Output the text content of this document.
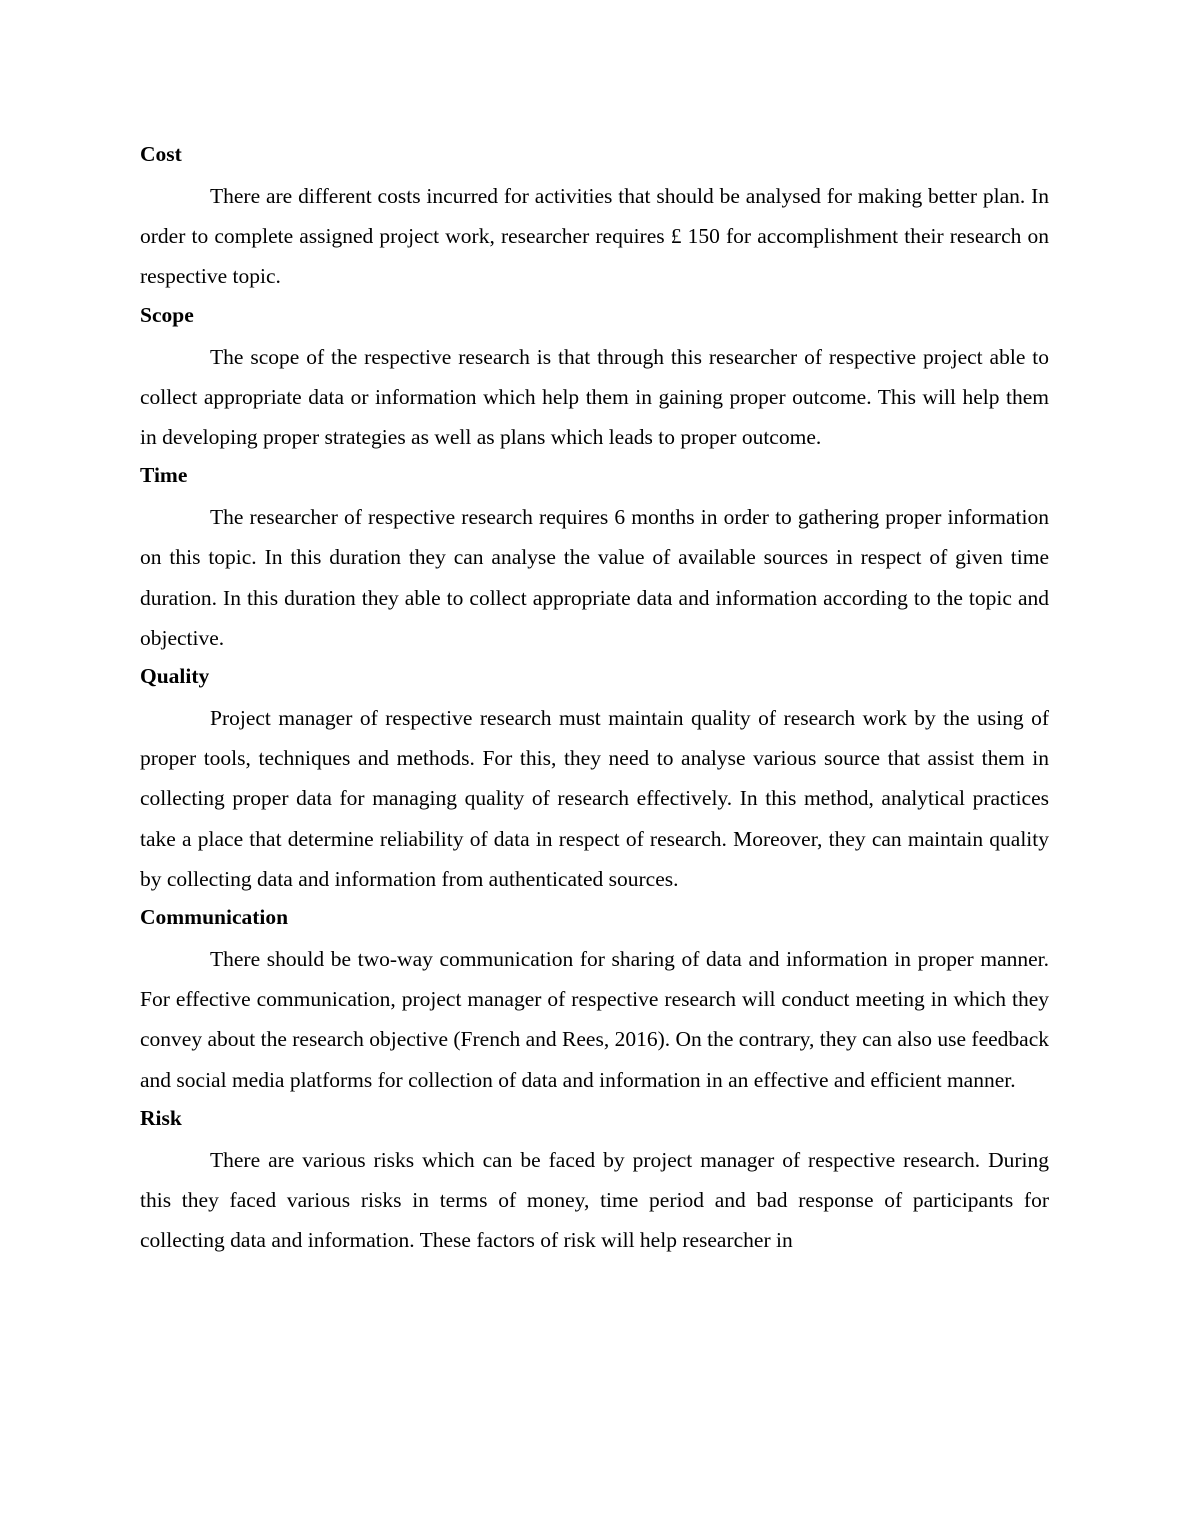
Cost

There are different costs incurred for activities that should be analysed for making better plan. In order to complete assigned project work, researcher requires £ 150 for accomplishment their research on respective topic.

Scope

The scope of the respective research is that through this researcher of respective project able to collect appropriate data or information which help them in gaining proper outcome. This will help them in developing proper strategies as well as plans which leads to proper outcome.

Time

The researcher of respective research requires 6 months in order to gathering proper information on this topic. In this duration they can analyse the value of available sources in respect of given time duration. In this duration they able to collect appropriate data and information according to the topic and objective.

Quality

Project manager of respective research must maintain quality of research work by the using of proper tools, techniques and methods. For this, they need to analyse various source that assist them in collecting proper data for managing quality of research effectively. In this method, analytical practices take a place that determine reliability of data in respect of research. Moreover, they can maintain quality by collecting data and information from authenticated sources.

Communication

There should be two-way communication for sharing of data and information in proper manner. For effective communication, project manager of respective research will conduct meeting in which they convey about the research objective (French and Rees, 2016). On the contrary, they can also use feedback and social media platforms for collection of data and information in an effective and efficient manner.

Risk

There are various risks which can be faced by project manager of respective research. During this they faced various risks in terms of money, time period and bad response of participants for collecting data and information. These factors of risk will help researcher in
